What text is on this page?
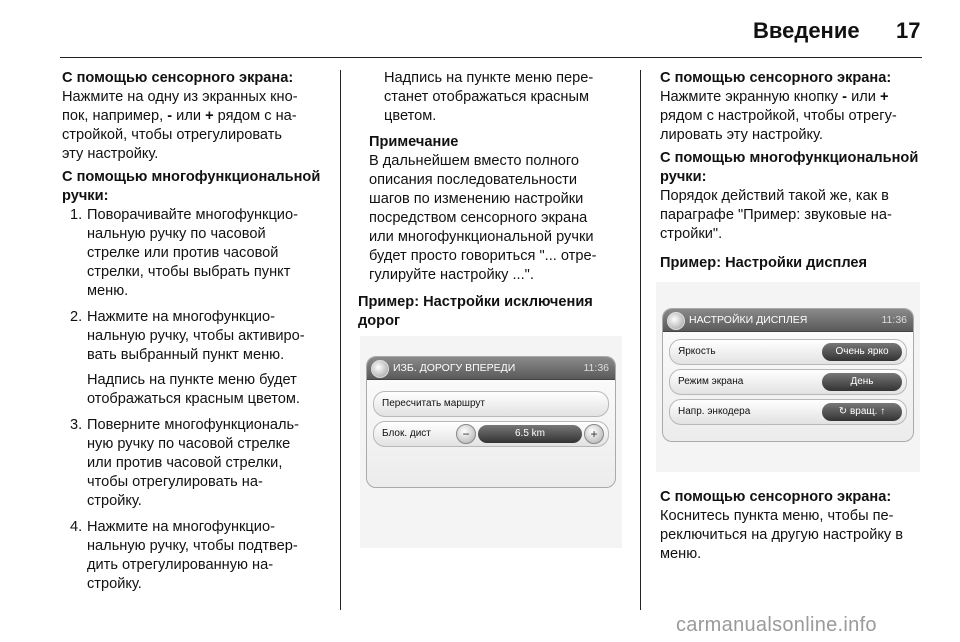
Введение 17

С помощью сенсорного экрана:

Нажмите на одну из экранных кно-
пок, например, - или + рядом с на-
стройкой, чтобы отрегулировать
эту настройку.

С помощью многофункциональной
ручки:

1. Поворачивайте многофункцио-
нальную ручку по часовой
стрелке или против часовой
стрелки, чтобы выбрать пункт
меню.
2. Нажмите на многофункцио-
нальную ручку, чтобы активиро-
вать выбранный пункт меню.
Надпись на пункте меню будет
отображаться красным цветом.
3. Поверните многофункциональ-
ную ручку по часовой стрелке
или против часовой стрелки,
чтобы отрегулировать на-
стройку.
4. Нажмите на многофункцио-
нальную ручку, чтобы подтвер-
дить отрегулированную на-
стройку.

Надпись на пункте меню пере-
станет отображаться красным
цветом.

Примечание
В дальнейшем вместо полного
описания последовательности
шагов по изменению настройки
посредством сенсорного экрана
или многофункциональной ручки
будет просто говориться "... отре-
гулируйте настройку ...".

Пример: Настройки исключения
дорог

ИЗБ. ДОРОГУ ВПЕРЕДИ	11:36
Пересчитать маршрут
Блок. дист	−	6.5 km	+

С помощью сенсорного экрана:

Нажмите экранную кнопку - или +
рядом с настройкой, чтобы отрегу-
лировать эту настройку.

С помощью многофункциональной
ручки:

Порядок действий такой же, как в
параграфе "Пример: звуковые на-
стройки".

Пример: Настройки дисплея

НАСТРОЙКИ ДИСПЛЕЯ	11:36
Яркость	Очень ярко
Режим экрана	День
Напр. энкодера	↻ вращ. ↑

С помощью сенсорного экрана:

Коснитесь пункта меню, чтобы пе-
реключиться на другую настройку в
меню.

carmanualsonline.info
